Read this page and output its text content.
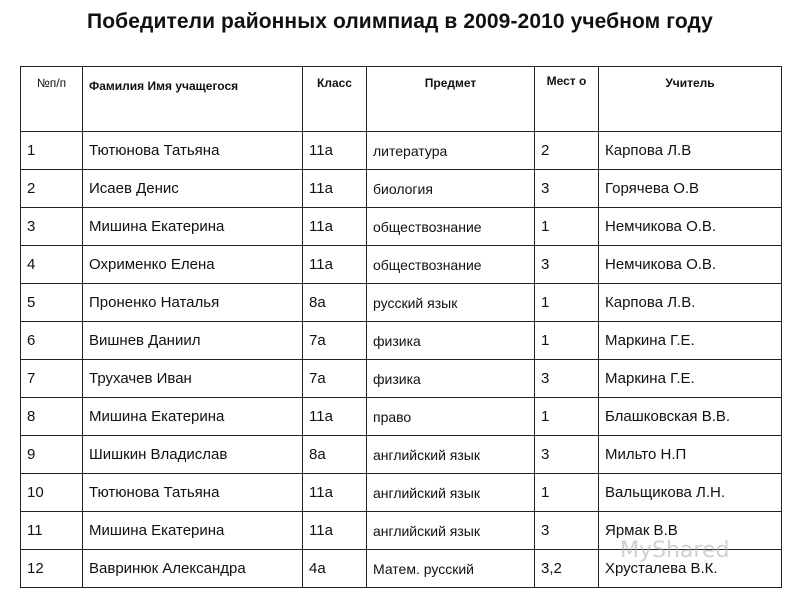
Победители районных олимпиад в 2009-2010 учебном году
№п/п	Фамилия Имя учащегося	Класс	Предмет	Мест о	Учитель
1	Тютюнова Татьяна	11а	литература	2	Карпова Л.В
2	Исаев Денис	11а	биология	3	Горячева О.В
3	Мишина Екатерина	11а	обществознание	1	Немчикова О.В.
4	Охрименко Елена	11а	обществознание	3	Немчикова О.В.
5	Проненко Наталья	8а	русский язык	1	Карпова Л.В.
6	Вишнев Даниил	7а	физика	1	Маркина Г.Е.
7	Трухачев Иван	7а	физика	3	Маркина Г.Е.
8	Мишина Екатерина	11а	право	1	Блашковская В.В.
9	Шишкин Владислав	8а	английский язык	3	Мильто Н.П
10	Тютюнова Татьяна	11а	английский язык	1	Вальщикова Л.Н.
11	Мишина Екатерина	11а	английский язык	3	Ярмак В.В
12	Вавринюк Александра	4а	Матем. русский	3,2	Хрусталева В.К.
MyShared
